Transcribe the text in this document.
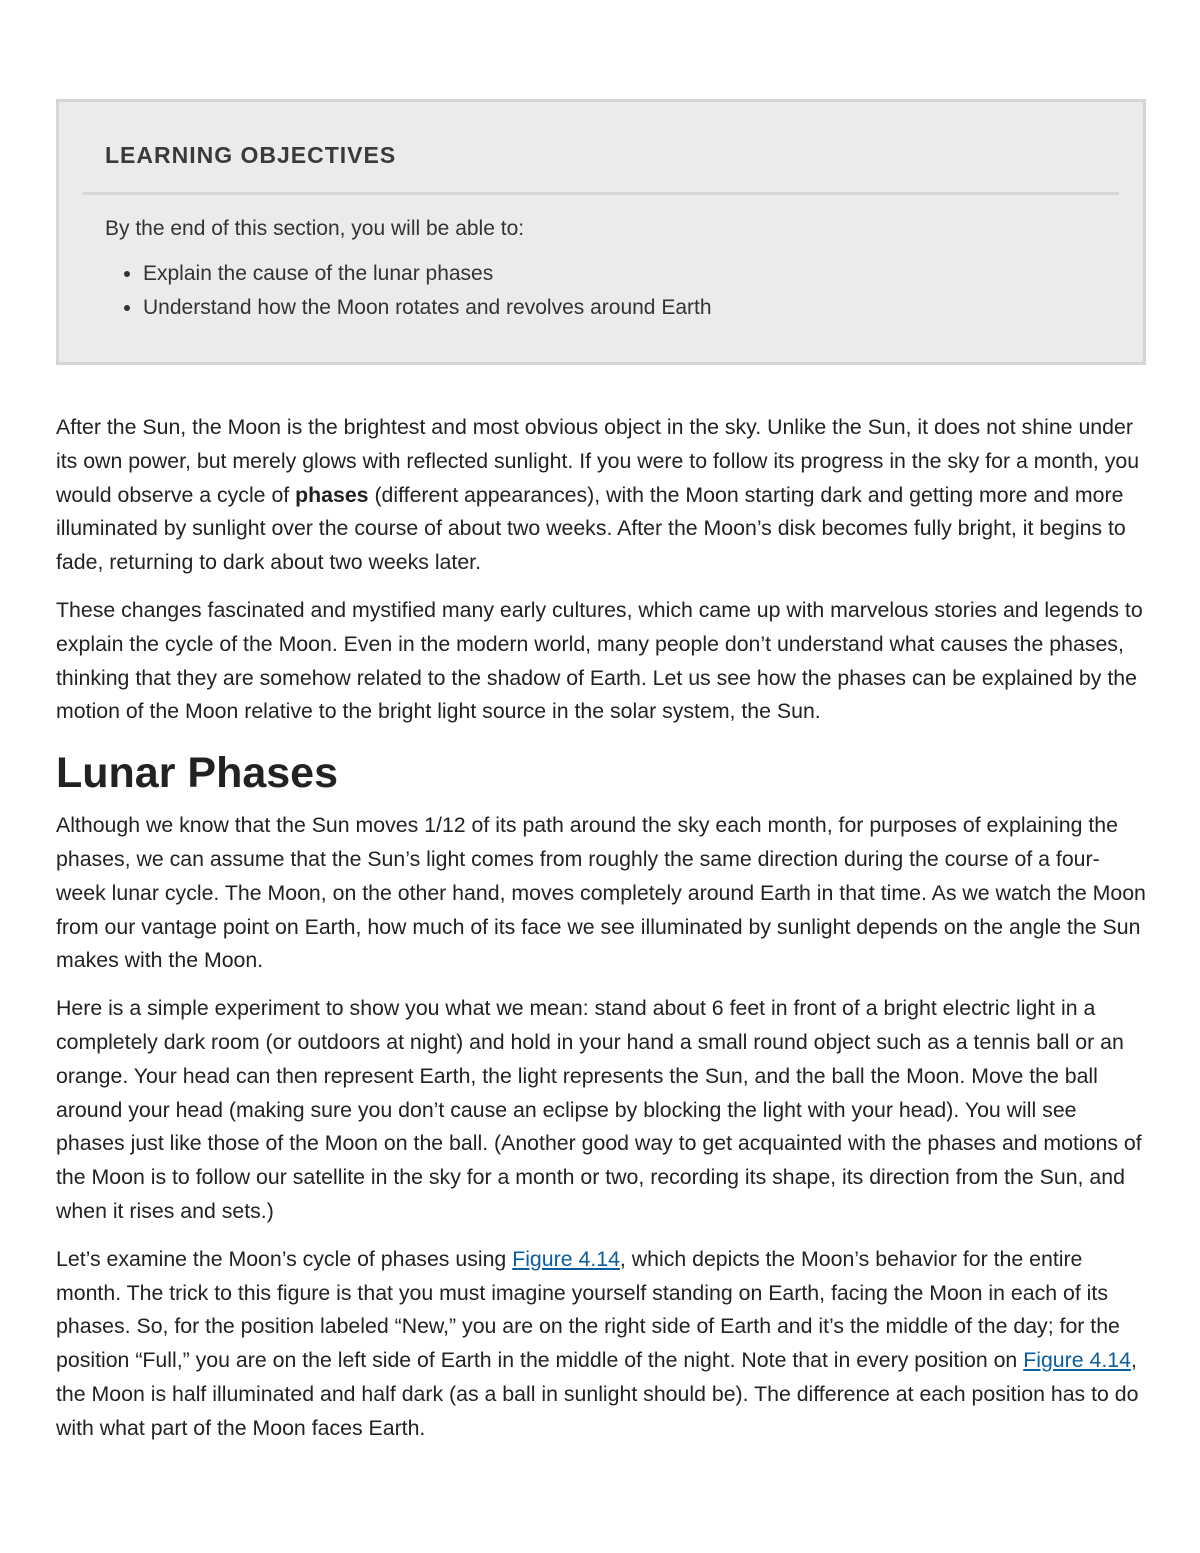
LEARNING OBJECTIVES

By the end of this section, you will be able to:

• Explain the cause of the lunar phases
• Understand how the Moon rotates and revolves around Earth

After the Sun, the Moon is the brightest and most obvious object in the sky. Unlike the Sun, it does not shine under its own power, but merely glows with reflected sunlight. If you were to follow its progress in the sky for a month, you would observe a cycle of phases (different appearances), with the Moon starting dark and getting more and more illuminated by sunlight over the course of about two weeks. After the Moon’s disk becomes fully bright, it begins to fade, returning to dark about two weeks later.

These changes fascinated and mystified many early cultures, which came up with marvelous stories and legends to explain the cycle of the Moon. Even in the modern world, many people don’t understand what causes the phases, thinking that they are somehow related to the shadow of Earth. Let us see how the phases can be explained by the motion of the Moon relative to the bright light source in the solar system, the Sun.

Lunar Phases

Although we know that the Sun moves 1/12 of its path around the sky each month, for purposes of explaining the phases, we can assume that the Sun’s light comes from roughly the same direction during the course of a four-week lunar cycle. The Moon, on the other hand, moves completely around Earth in that time. As we watch the Moon from our vantage point on Earth, how much of its face we see illuminated by sunlight depends on the angle the Sun makes with the Moon.

Here is a simple experiment to show you what we mean: stand about 6 feet in front of a bright electric light in a completely dark room (or outdoors at night) and hold in your hand a small round object such as a tennis ball or an orange. Your head can then represent Earth, the light represents the Sun, and the ball the Moon. Move the ball around your head (making sure you don’t cause an eclipse by blocking the light with your head). You will see phases just like those of the Moon on the ball. (Another good way to get acquainted with the phases and motions of the Moon is to follow our satellite in the sky for a month or two, recording its shape, its direction from the Sun, and when it rises and sets.)

Let’s examine the Moon’s cycle of phases using Figure 4.14, which depicts the Moon’s behavior for the entire month. The trick to this figure is that you must imagine yourself standing on Earth, facing the Moon in each of its phases. So, for the position labeled “New,” you are on the right side of Earth and it’s the middle of the day; for the position “Full,” you are on the left side of Earth in the middle of the night. Note that in every position on Figure 4.14, the Moon is half illuminated and half dark (as a ball in sunlight should be). The difference at each position has to do with what part of the Moon faces Earth.
